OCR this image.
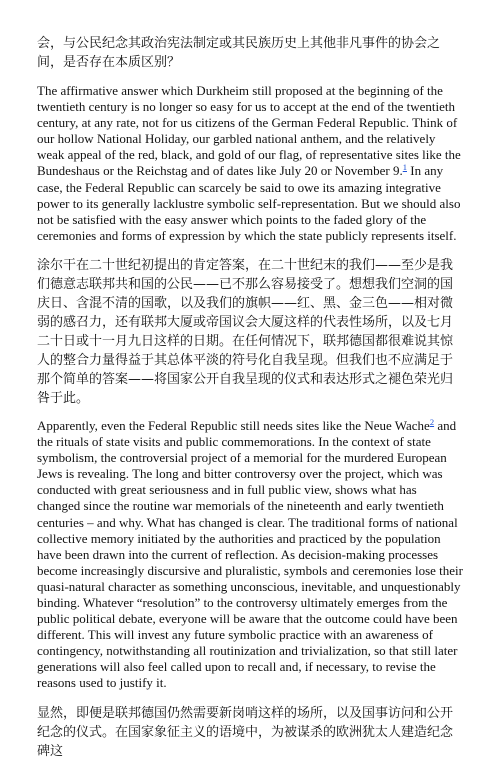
会，与公民纪念其政治宪法制定或其民族历史上其他非凡事件的协会之间，是否存在本质区别？

The affirmative answer which Durkheim still proposed at the beginning of the twentieth century is no longer so easy for us to accept at the end of the twentieth century, at any rate, not for us citizens of the German Federal Republic. Think of our hollow National Holiday, our garbled national anthem, and the relatively weak appeal of the red, black, and gold of our flag, of representative sites like the Bundeshaus or the Reichstag and of dates like July 20 or November 9.$^1$ In any case, the Federal Republic can scarcely be said to owe its amazing integrative power to its generally lacklustre symbolic self-representation. But we should also not be satisfied with the easy answer which points to the faded glory of the ceremonies and forms of expression by which the state publicly represents itself.

涂尔干在二十世纪初提出的肯定答案，在二十世纪末的我们——至少是我们德意志联邦共和国的公民——已不那么容易接受了。想想我们空洞的国庆日、含混不清的国歌，以及我们的旗帜——红、黑、金三色——相对微弱的感召力，还有联邦大厦或帝国议会大厦这样的代表性场所，以及七月二十日或十一月九日这样的日期。在任何情况下，联邦德国都很难说其惊人的整合力量得益于其总体平淡的符号化自我呈现。但我们也不应满足于那个简单的答案——将国家公开自我呈现的仪式和表达形式之褪色荣光归咎于此。

Apparently, even the Federal Republic still needs sites like the Neue Wache$^2$ and the rituals of state visits and public commemorations. In the context of state symbolism, the controversial project of a memorial for the murdered European Jews is revealing. The long and bitter controversy over the project, which was conducted with great seriousness and in full public view, shows what has changed since the routine war memorials of the nineteenth and early twentieth centuries – and why. What has changed is clear. The traditional forms of national collective memory initiated by the authorities and practiced by the population have been drawn into the current of reflection. As decision-making processes become increasingly discursive and pluralistic, symbols and ceremonies lose their quasi-natural character as something unconscious, inevitable, and unquestionably binding. Whatever “resolution” to the controversy ultimately emerges from the public political debate, everyone will be aware that the outcome could have been different. This will invest any future symbolic practice with an awareness of contingency, notwithstanding all routinization and trivialization, so that still later generations will also feel called upon to recall and, if necessary, to revise the reasons used to justify it.

显然，即便是联邦德国仍然需要新岗哨这样的场所，以及国事访问和公开纪念的仪式。在国家象征主义的语境中，为被谋杀的欧洲犹太人建造纪念碑这
